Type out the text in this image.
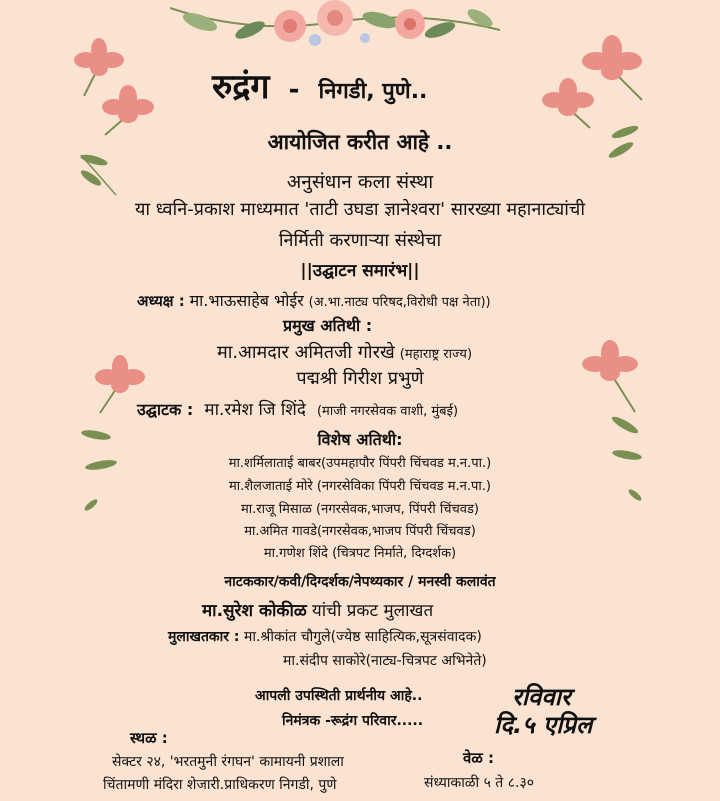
रुद्रंग - निगडी, पुणे..
आयोजित करीत आहे ..
अनुसंधान कला संस्था
या ध्वनि-प्रकाश माध्यमात 'ताटी उघडा ज्ञानेश्वरा' सारख्या महानाट्यांची
निर्मिती करणाऱ्या संस्थेचा
||उद्घाटन समारंभ||
अध्यक्ष : मा.भाऊसाहेब भोईर (अ.भा.नाट्य परिषद,विरोधी पक्ष नेता))
प्रमुख अतिथी :
मा.आमदार अमितजी गोरखे (महाराष्ट्र राज्य)
पद्मश्री गिरीश प्रभुणे
उद्घाटक : मा.रमेश जि शिंदे (माजी नगरसेवक वाशी, मुंबई)
विशेष अतिथी:
मा.शर्मिलाताई बाबर(उपमहापौर पिंपरी चिंचवड म.न.पा.)
मा.शैलजाताई मोरे (नगरसेविका पिंपरी चिंचवड म.न.पा.)
मा.राजू मिसाळ (नगरसेवक,भाजप, पिंपरी चिंचवड)
मा.अमित गावडे(नगरसेवक,भाजप पिंपरी चिंचवड)
मा.गणेश शिंदे (चित्रपट निर्माते, दिग्दर्शक)
नाटककार/कवी/दिग्दर्शक/नेपथ्यकार / मनस्वी कलावंत
मा.सुरेश कोकीळ यांची प्रकट मुलाखत
मुलाखतकार : मा.श्रीकांत चौगुले(ज्येष्ठ साहित्यिक,सूत्रसंवादक)
मा.संदीप साकोरे(नाट्य-चित्रपट अभिनेते)
आपली उपस्थिती प्रार्थनीय आहे..
निमंत्रक -रूद्रंग परिवार.....
रविवार
दि.५ एप्रिल
स्थळ :
सेक्टर २४, 'भरतमुनी रंगघन' कामायनी प्रशाला
चिंतामणी मंदिरा शेजारी.प्राधिकरण निगडी, पुणे
वेळ :
संध्याकाळी ५ ते ८.३०
